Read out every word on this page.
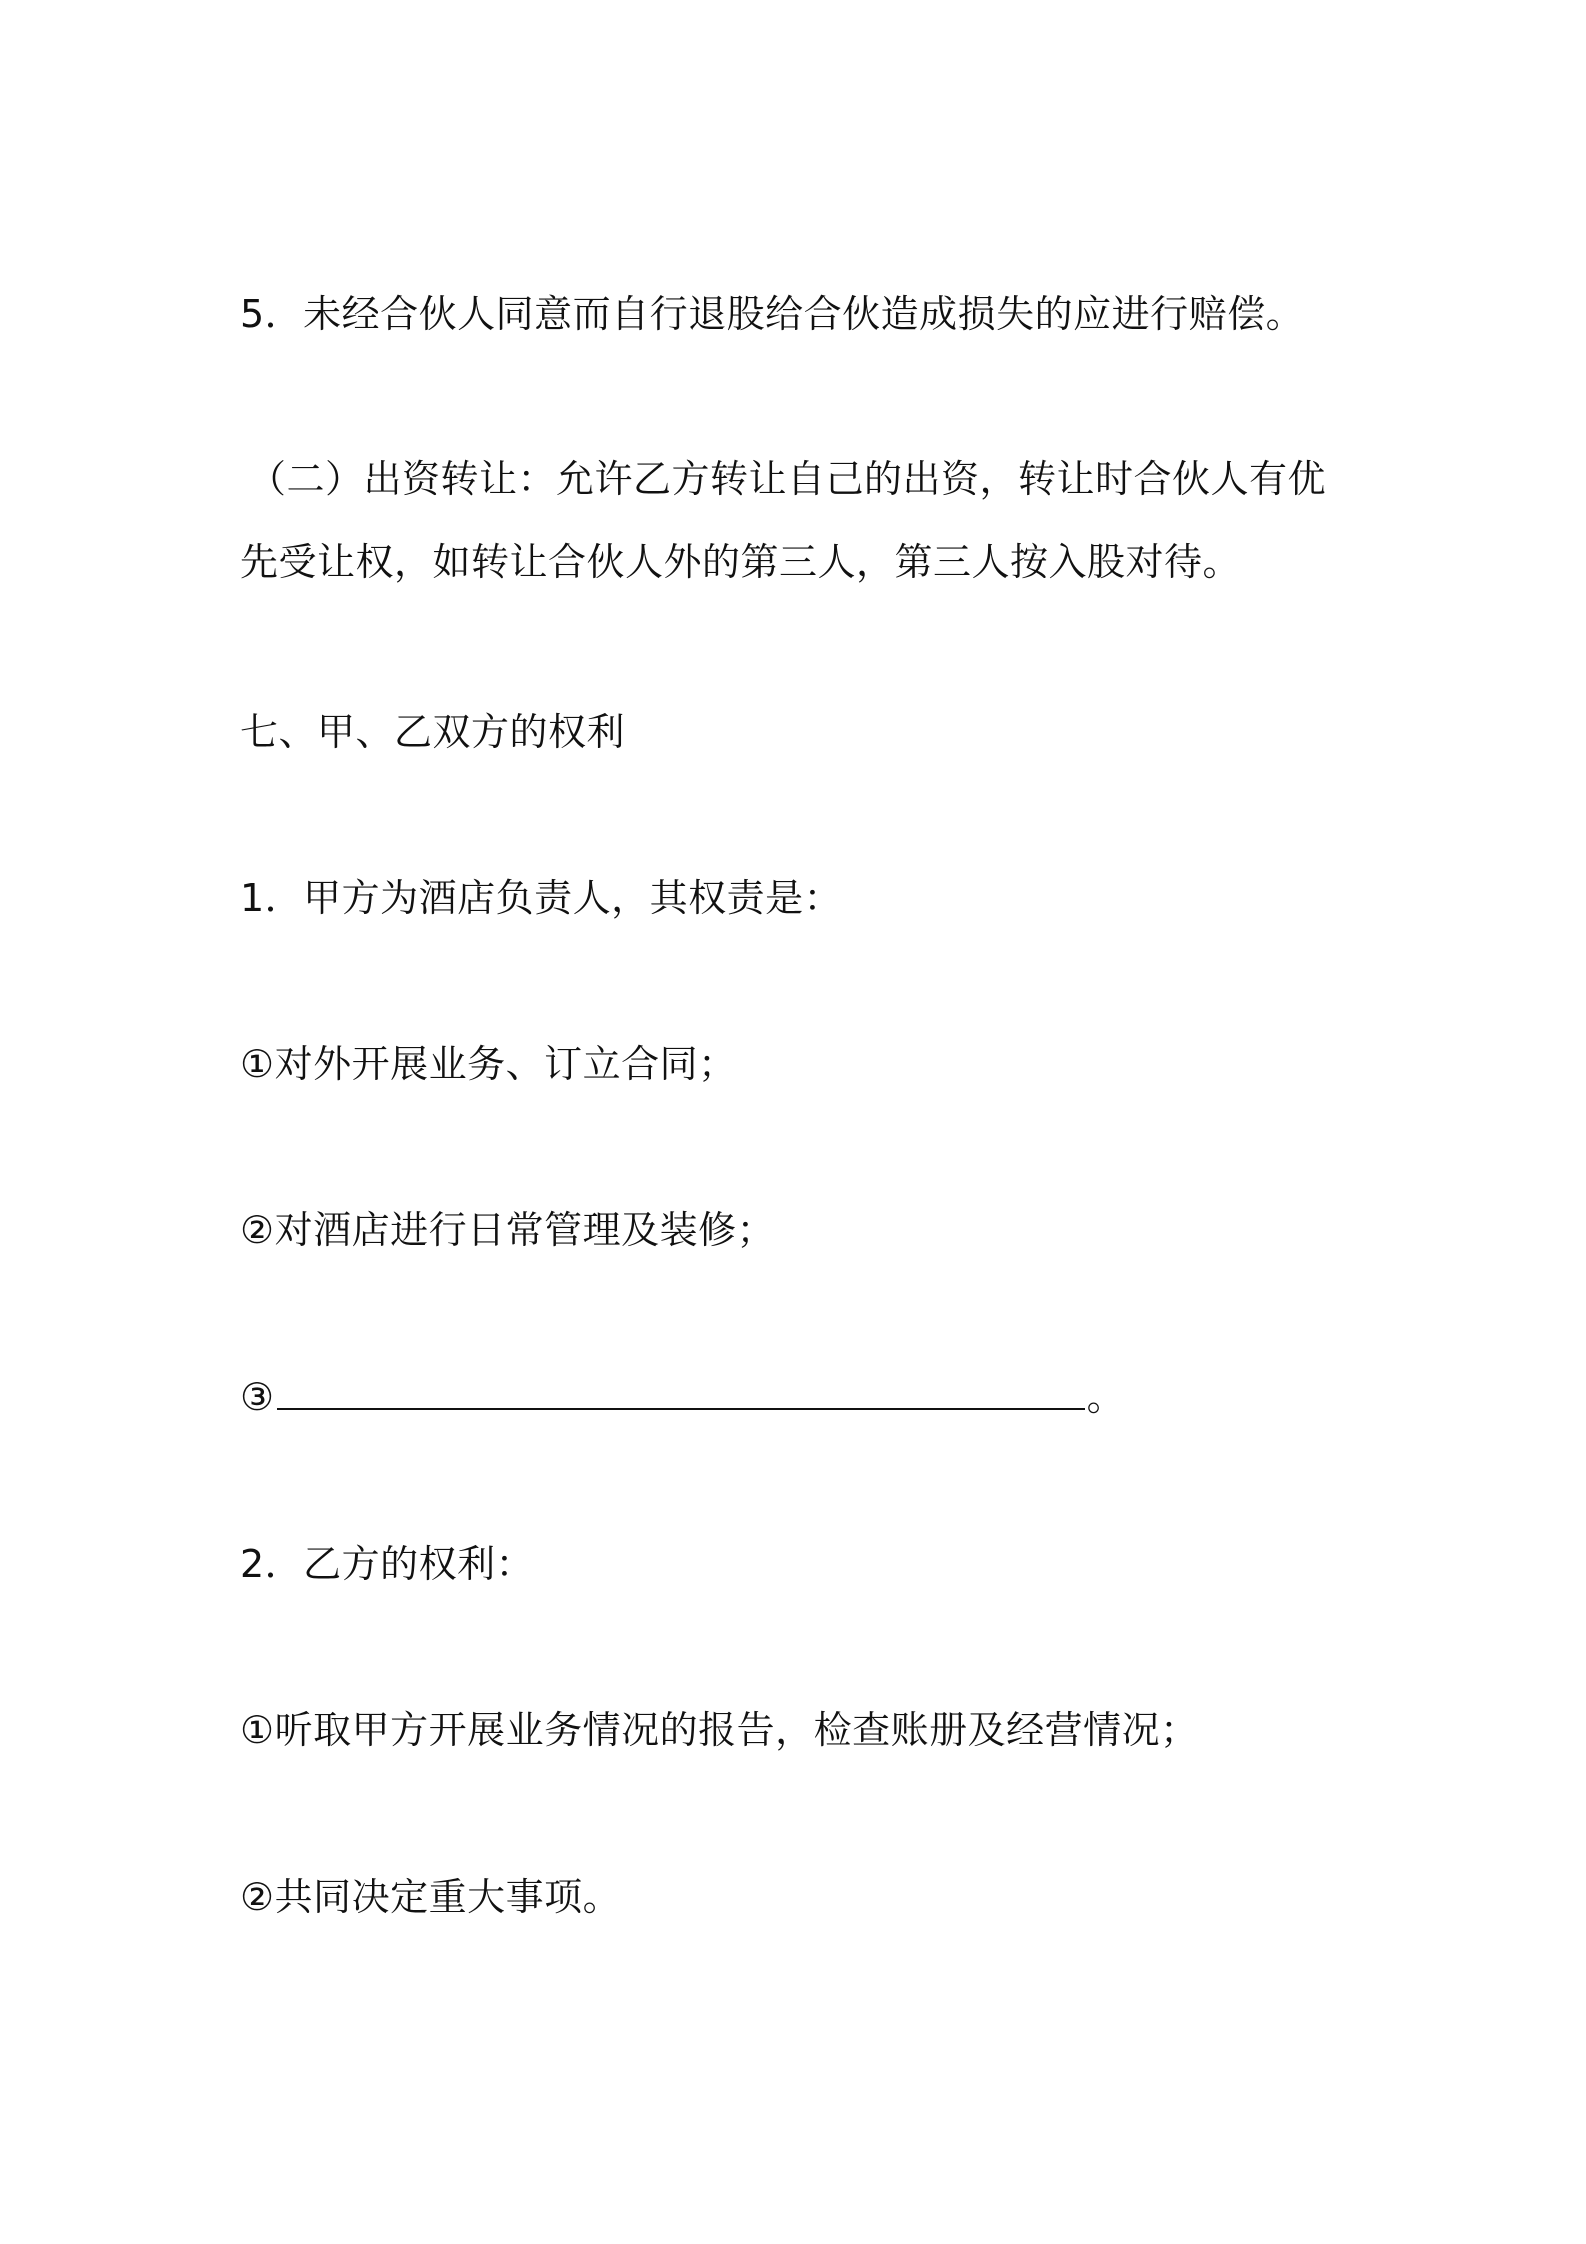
5．未经合伙人同意而自行退股给合伙造成损失的应进行赔偿。

（二）出资转让：允许乙方转让自己的出资，转让时合伙人有优

先受让权，如转让合伙人外的第三人，第三人按入股对待。

七、甲、乙双方的权利

1．甲方为酒店负责人，其权责是：

①对外开展业务、订立合同；

②对酒店进行日常管理及装修；

③	。

2．乙方的权利：

①听取甲方开展业务情况的报告，检查账册及经营情况；

②共同决定重大事项。
